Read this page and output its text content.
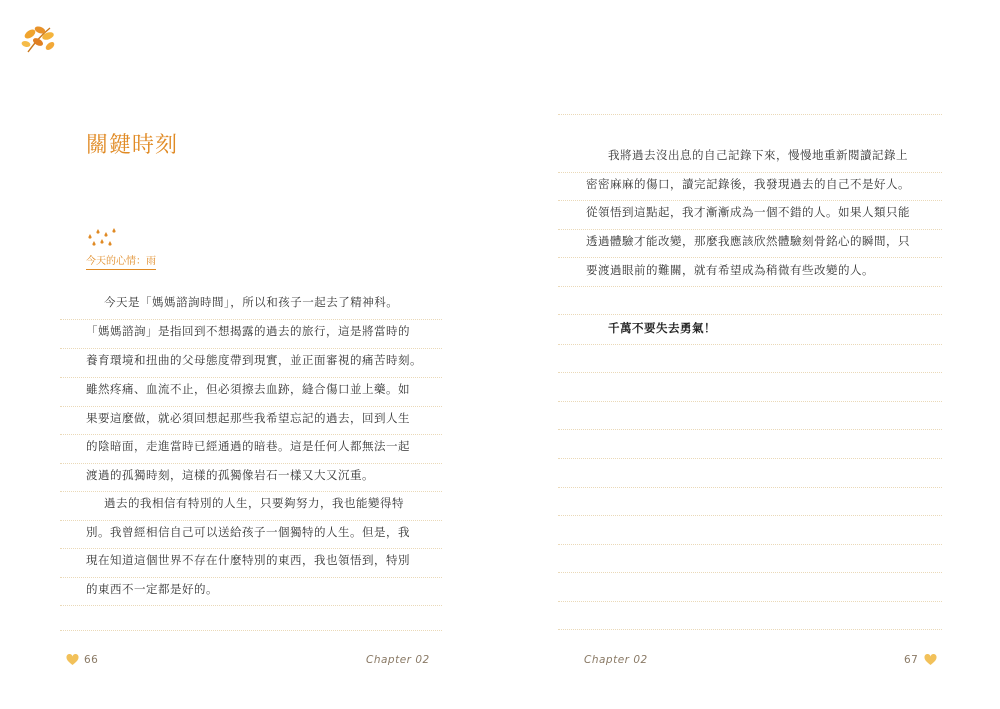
關鍵時刻
今天的心情：雨
今天是「媽媽諮詢時間」，所以和孩子一起去了精神科。
「媽媽諮詢」是指回到不想揭露的過去的旅行，這是將當時的
養育環境和扭曲的父母態度帶到現實，並正面審視的痛苦時刻。
雖然疼痛、血流不止，但必須擦去血跡，縫合傷口並上藥。如
果要這麼做，就必須回想起那些我希望忘記的過去，回到人生
的陰暗面，走進當時已經通過的暗巷。這是任何人都無法一起
渡過的孤獨時刻，這樣的孤獨像岩石一樣又大又沉重。
過去的我相信有特別的人生，只要夠努力，我也能變得特
別。我曾經相信自己可以送給孩子一個獨特的人生。但是，我
現在知道這個世界不存在什麼特別的東西，我也領悟到，特別
的東西不一定都是好的。
66	Chapter 02
我將過去沒出息的自己記錄下來，慢慢地重新閱讀記錄上
密密麻麻的傷口，讀完記錄後，我發現過去的自己不是好人。
從領悟到這點起，我才漸漸成為一個不錯的人。如果人類只能
透過體驗才能改變，那麼我應該欣然體驗刻骨銘心的瞬間，只
要渡過眼前的難關，就有希望成為稍微有些改變的人。
千萬不要失去勇氣！
Chapter 02	67
